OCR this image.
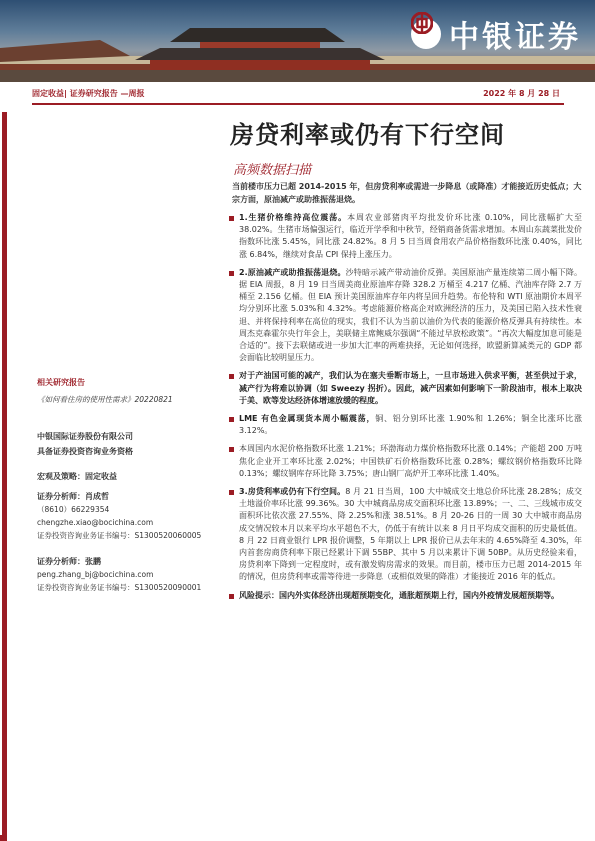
中银证券
固定收益| 证券研究报告 —周报	2022 年 8 月 28 日
房贷利率或仍有下行空间
高频数据扫描
当前楼市压力已超 2014-2015 年，但房贷利率或需进一步降息（或降准）才能接近历史低点；大宗方面，原油减产或助推振荡退烧。
相关研究报告
《如何看住房的使用性需求》20220821
中银国际证券股份有限公司
具备证券投资咨询业务资格
宏观及策略：固定收益
证券分析师：肖成哲
（8610）66229354
chengzhe.xiao@bocichina.com
证券投资咨询业务证书编号：S1300520060005
证券分析师：张鹏
peng.zhang_bj@bocichina.com
证券投资咨询业务证书编号：S1300520090001
1.生猪价格维持高位震荡。本周农业部猪肉平均批发价环比涨 0.10%，同比涨幅扩大至 38.02%。生猪市场偏强运行，临近开学季和中秋节，经销商备货需求增加。本周山东蔬菜批发价指数环比涨 5.45%，同比涨 24.82%。8 月 5 日当周食用农产品价格指数环比涨 0.40%，同比涨 6.84%，继续对食品 CPI 保持上涨压力。
2.原油减产或助推振荡退烧。沙特暗示减产带动油价反弹。美国原油产量连续第二周小幅下降。据 EIA 周报，8 月 19 日当周美商业原油库存降 328.2 万桶至 4.217 亿桶、汽油库存降 2.7 万桶至 2.156 亿桶。但 EIA 预计美国原油库存年内将呈回升趋势。布伦特和 WTI 原油期价本周平均分别环比涨 5.03%和 4.32%。考虑能源价格高企对欧洲经济的压力，及美国已陷入技术性衰退、并将保持利率在高位的现实，我们不认为当前以油价为代表的能源价格反弹具有持续性。本周杰克森霍尔央行年会上，美联储主席鲍威尔强调“不能过早放松政策”。“再次大幅度加息可能是合适的”。接下去联储或进一步加大汇率的两难抉择，无论如何选择，欧盟新算减类元的 GDP 都会面临比较明显压力。
对于产油国可能的减产，我们认为在塞夫垂断市场上，一旦市场进入供求平衡，甚至供过于求，减产行为将难以协调（如 Sweezy 拐折）。因此，减产因素如何影响下一阶段油市，根本上取决于美、欧等发达经济体增速放缓的程度。
LME 有色金属现货本周小幅震荡，铜、铝分别环比涨 1.90%和 1.26%；铜全比涨环比涨 3.12%。
本周国内水泥价格指数环比涨 1.21%；环渤海动力煤价格指数环比涨 0.14%；产能超 200 万吨焦化企业开工率环比涨 2.02%；中国铁矿石价格指数环比涨 0.28%；螺纹钢价格指数环比降 0.13%；螺纹钢库存环比降 3.75%；唐山钢厂高炉开工率环比涨 1.40%。
3.房贷利率或仍有下行空间。8 月 21 日当周，100 大中城成交土地总价环比涨 28.28%；成交土地溢价率环比涨 99.36%。30 大中城商品房成交面积环比涨 13.89%；一、二、三线城市成交面积环比依次涨 27.55%、降 2.25%和涨 38.51%。8 月 20-26 日的一周 30 大中城市商品房成交情况较本月以来平均水平超色不大，仍低于有统计以来 8 月日平均成交面积的历史最低值。8 月 22 日商业银行 LPR 报价调整，5 年期以上 LPR 报价已从去年末的 4.65%降至 4.30%，年内首套房商贷利率下限已经累计下调 55BP、其中 5 月以来累计下调 50BP。从历史经验来看，房贷利率下降到一定程度时，或有激发购房需求的效果。而目前，楼市压力已超 2014-2015 年的情况，但房贷利率或需等待进一步降息（或相似效果的降准）才能接近 2016 年的低点。
风险提示：国内外实体经济出现超预期变化，通胀超预期上行，国内外疫情发展超预期等。
